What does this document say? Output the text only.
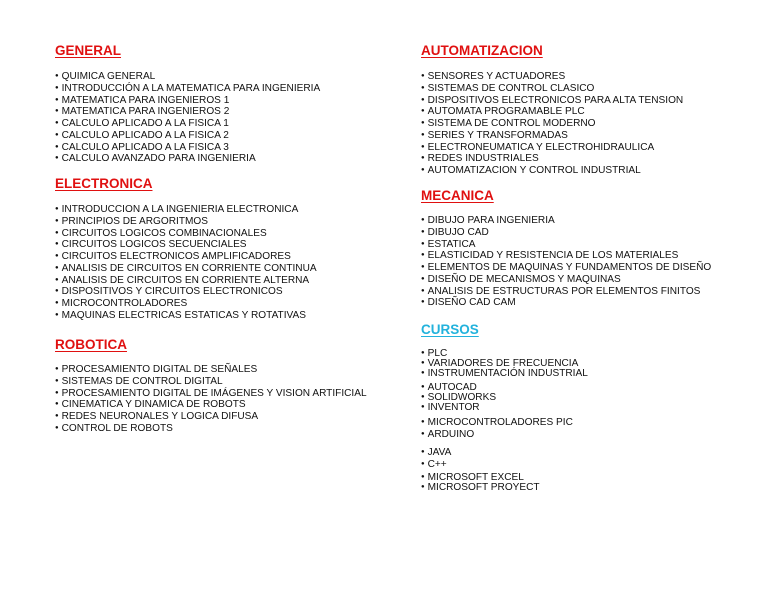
GENERAL
● QUIMICA GENERAL
● INTRODUCCIÓN A LA MATEMATICA PARA INGENIERIA
● MATEMATICA PARA INGENIEROS 1
● MATEMATICA PARA INGENIEROS 2
● CALCULO APLICADO A LA FISICA 1
● CALCULO APLICADO A LA FISICA 2
● CALCULO APLICADO A LA FISICA 3
● CALCULO AVANZADO PARA INGENIERIA
ELECTRONICA
● INTRODUCCION A LA INGENIERIA ELECTRONICA
● PRINCIPIOS DE ARGORITMOS
● CIRCUITOS LOGICOS COMBINACIONALES
● CIRCUITOS LOGICOS SECUENCIALES
● CIRCUITOS ELECTRONICOS AMPLIFICADORES
● ANALISIS DE CIRCUITOS EN CORRIENTE CONTINUA
● ANALISIS DE CIRCUITOS EN CORRIENTE ALTERNA
● DISPOSITIVOS Y CIRCUITOS ELECTRONICOS
● MICROCONTROLADORES
● MAQUINAS ELECTRICAS ESTATICAS Y ROTATIVAS
ROBOTICA
● PROCESAMIENTO DIGITAL DE SEÑALES
● SISTEMAS DE CONTROL DIGITAL
● PROCESAMIENTO DIGITAL DE IMÁGENES Y VISION ARTIFICIAL
● CINEMATICA Y DINAMICA DE ROBOTS
● REDES NEURONALES Y LOGICA DIFUSA
● CONTROL DE ROBOTS
AUTOMATIZACION
● SENSORES Y ACTUADORES
● SISTEMAS DE CONTROL CLASICO
● DISPOSITIVOS ELECTRONICOS PARA ALTA TENSION
● AUTOMATA PROGRAMABLE PLC
● SISTEMA DE CONTROL MODERNO
● SERIES Y TRANSFORMADAS
● ELECTRONEUMATICA Y ELECTROHIDRAULICA
● REDES INDUSTRIALES
● AUTOMATIZACION Y CONTROL INDUSTRIAL
MECANICA
● DIBUJO PARA INGENIERIA
● DIBUJO CAD
● ESTATICA
● ELASTICIDAD Y RESISTENCIA DE LOS MATERIALES
● ELEMENTOS DE MAQUINAS Y FUNDAMENTOS DE DISEÑO
● DISEÑO DE MECANISMOS Y MAQUINAS
● ANALISIS DE ESTRUCTURAS POR ELEMENTOS FINITOS
● DISEÑO CAD CAM
CURSOS
● PLC
● VARIADORES DE FRECUENCIA
● INSTRUMENTACIÓN INDUSTRIAL
● AUTOCAD
● SOLIDWORKS
● INVENTOR
● MICROCONTROLADORES PIC
● ARDUINO
● JAVA
● C++
● MICROSOFT EXCEL
● MICROSOFT PROYECT
